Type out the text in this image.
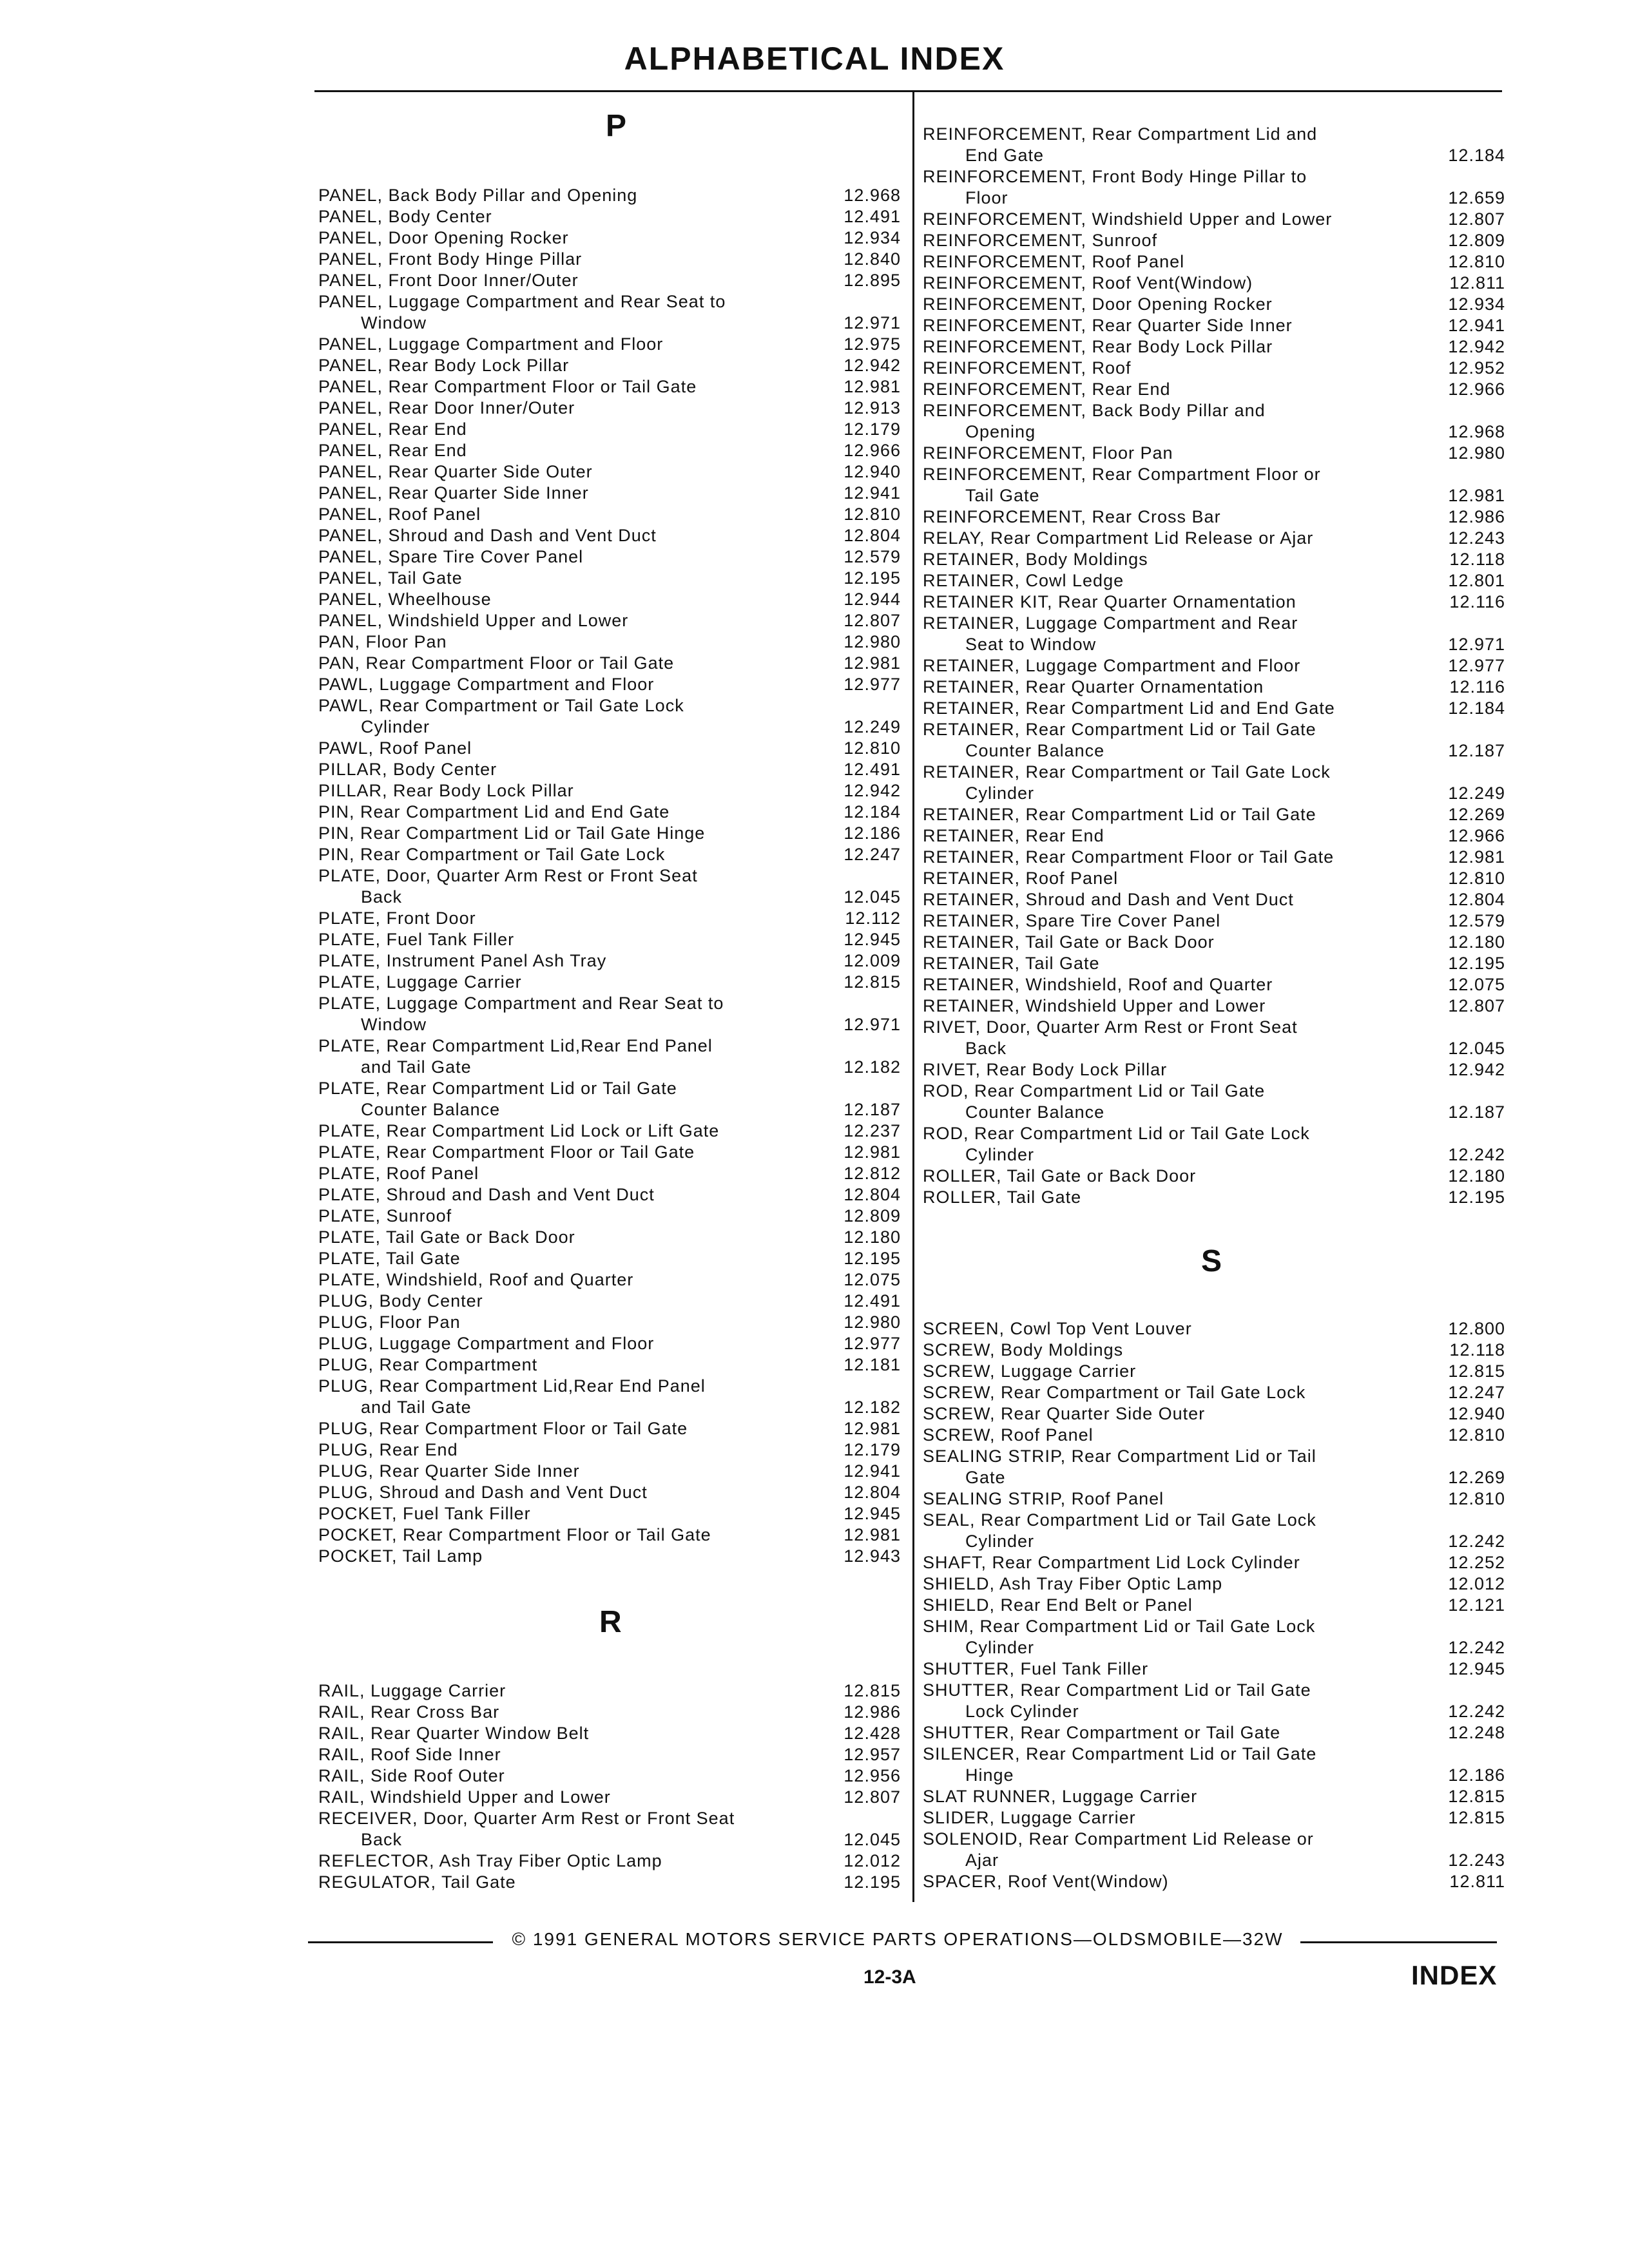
ALPHABETICAL INDEX
P
PANEL, Back Body Pillar and Opening	12.968
PANEL, Body Center	12.491
PANEL, Door Opening Rocker	12.934
PANEL, Front Body Hinge Pillar	12.840
PANEL, Front Door Inner/Outer	12.895
PANEL, Luggage Compartment and Rear Seat to
Window	12.971
PANEL, Luggage Compartment and Floor	12.975
PANEL, Rear Body Lock Pillar	12.942
PANEL, Rear Compartment Floor or Tail Gate	12.981
PANEL, Rear Door Inner/Outer	12.913
PANEL, Rear End	12.179
PANEL, Rear End	12.966
PANEL, Rear Quarter Side Outer	12.940
PANEL, Rear Quarter Side Inner	12.941
PANEL, Roof Panel	12.810
PANEL, Shroud and Dash and Vent Duct	12.804
PANEL, Spare Tire Cover Panel	12.579
PANEL, Tail Gate	12.195
PANEL, Wheelhouse	12.944
PANEL, Windshield Upper and Lower	12.807
PAN, Floor Pan	12.980
PAN, Rear Compartment Floor or Tail Gate	12.981
PAWL, Luggage Compartment and Floor	12.977
PAWL, Rear Compartment or Tail Gate Lock
Cylinder	12.249
PAWL, Roof Panel	12.810
PILLAR, Body Center	12.491
PILLAR, Rear Body Lock Pillar	12.942
PIN, Rear Compartment Lid and End Gate	12.184
PIN, Rear Compartment Lid or Tail Gate Hinge	12.186
PIN, Rear Compartment or Tail Gate Lock	12.247
PLATE, Door, Quarter Arm Rest or Front Seat
Back	12.045
PLATE, Front Door	12.112
PLATE, Fuel Tank Filler	12.945
PLATE, Instrument Panel Ash Tray	12.009
PLATE, Luggage Carrier	12.815
PLATE, Luggage Compartment and Rear Seat to
Window	12.971
PLATE, Rear Compartment Lid,Rear End Panel
and Tail Gate	12.182
PLATE, Rear Compartment Lid or Tail Gate
Counter Balance	12.187
PLATE, Rear Compartment Lid Lock or Lift Gate	12.237
PLATE, Rear Compartment Floor or Tail Gate	12.981
PLATE, Roof Panel	12.812
PLATE, Shroud and Dash and Vent Duct	12.804
PLATE, Sunroof	12.809
PLATE, Tail Gate or Back Door	12.180
PLATE, Tail Gate	12.195
PLATE, Windshield, Roof and Quarter	12.075
PLUG, Body Center	12.491
PLUG, Floor Pan	12.980
PLUG, Luggage Compartment and Floor	12.977
PLUG, Rear Compartment	12.181
PLUG, Rear Compartment Lid,Rear End Panel
and Tail Gate	12.182
PLUG, Rear Compartment Floor or Tail Gate	12.981
PLUG, Rear End	12.179
PLUG, Rear Quarter Side Inner	12.941
PLUG, Shroud and Dash and Vent Duct	12.804
POCKET, Fuel Tank Filler	12.945
POCKET, Rear Compartment Floor or Tail Gate	12.981
POCKET, Tail Lamp	12.943
R
RAIL, Luggage Carrier	12.815
RAIL, Rear Cross Bar	12.986
RAIL, Rear Quarter Window Belt	12.428
RAIL, Roof Side Inner	12.957
RAIL, Side Roof Outer	12.956
RAIL, Windshield Upper and Lower	12.807
RECEIVER, Door, Quarter Arm Rest or Front Seat
Back	12.045
REFLECTOR, Ash Tray Fiber Optic Lamp	12.012
REGULATOR, Tail Gate	12.195
REINFORCEMENT, Rear Compartment Lid and
End Gate	12.184
REINFORCEMENT, Front Body Hinge Pillar to
Floor	12.659
REINFORCEMENT, Windshield Upper and Lower	12.807
REINFORCEMENT, Sunroof	12.809
REINFORCEMENT, Roof Panel	12.810
REINFORCEMENT, Roof Vent(Window)	12.811
REINFORCEMENT, Door Opening Rocker	12.934
REINFORCEMENT, Rear Quarter Side Inner	12.941
REINFORCEMENT, Rear Body Lock Pillar	12.942
REINFORCEMENT, Roof	12.952
REINFORCEMENT, Rear End	12.966
REINFORCEMENT, Back Body Pillar and
Opening	12.968
REINFORCEMENT, Floor Pan	12.980
REINFORCEMENT, Rear Compartment Floor or
Tail Gate	12.981
REINFORCEMENT, Rear Cross Bar	12.986
RELAY, Rear Compartment Lid Release or Ajar	12.243
RETAINER, Body Moldings	12.118
RETAINER, Cowl Ledge	12.801
RETAINER KIT, Rear Quarter Ornamentation	12.116
RETAINER, Luggage Compartment and Rear
Seat to Window	12.971
RETAINER, Luggage Compartment and Floor	12.977
RETAINER, Rear Quarter Ornamentation	12.116
RETAINER, Rear Compartment Lid and End Gate	12.184
RETAINER, Rear Compartment Lid or Tail Gate
Counter Balance	12.187
RETAINER, Rear Compartment or Tail Gate Lock
Cylinder	12.249
RETAINER, Rear Compartment Lid or Tail Gate	12.269
RETAINER, Rear End	12.966
RETAINER, Rear Compartment Floor or Tail Gate	12.981
RETAINER, Roof Panel	12.810
RETAINER, Shroud and Dash and Vent Duct	12.804
RETAINER, Spare Tire Cover Panel	12.579
RETAINER, Tail Gate or Back Door	12.180
RETAINER, Tail Gate	12.195
RETAINER, Windshield, Roof and Quarter	12.075
RETAINER, Windshield Upper and Lower	12.807
RIVET, Door, Quarter Arm Rest or Front Seat
Back	12.045
RIVET, Rear Body Lock Pillar	12.942
ROD, Rear Compartment Lid or Tail Gate
Counter Balance	12.187
ROD, Rear Compartment Lid or Tail Gate Lock
Cylinder	12.242
ROLLER, Tail Gate or Back Door	12.180
ROLLER, Tail Gate	12.195
S
SCREEN, Cowl Top Vent Louver	12.800
SCREW, Body Moldings	12.118
SCREW, Luggage Carrier	12.815
SCREW, Rear Compartment or Tail Gate Lock	12.247
SCREW, Rear Quarter Side Outer	12.940
SCREW, Roof Panel	12.810
SEALING STRIP, Rear Compartment Lid or Tail
Gate	12.269
SEALING STRIP, Roof Panel	12.810
SEAL, Rear Compartment Lid or Tail Gate Lock
Cylinder	12.242
SHAFT, Rear Compartment Lid Lock Cylinder	12.252
SHIELD, Ash Tray Fiber Optic Lamp	12.012
SHIELD, Rear End Belt or Panel	12.121
SHIM, Rear Compartment Lid or Tail Gate Lock
Cylinder	12.242
SHUTTER, Fuel Tank Filler	12.945
SHUTTER, Rear Compartment Lid or Tail Gate
Lock Cylinder	12.242
SHUTTER, Rear Compartment or Tail Gate	12.248
SILENCER, Rear Compartment Lid or Tail Gate
Hinge	12.186
SLAT RUNNER, Luggage Carrier	12.815
SLIDER, Luggage Carrier	12.815
SOLENOID, Rear Compartment Lid Release or
Ajar	12.243
SPACER, Roof Vent(Window)	12.811
© 1991 GENERAL MOTORS SERVICE PARTS OPERATIONS—OLDSMOBILE—32W
12-3A	INDEX
